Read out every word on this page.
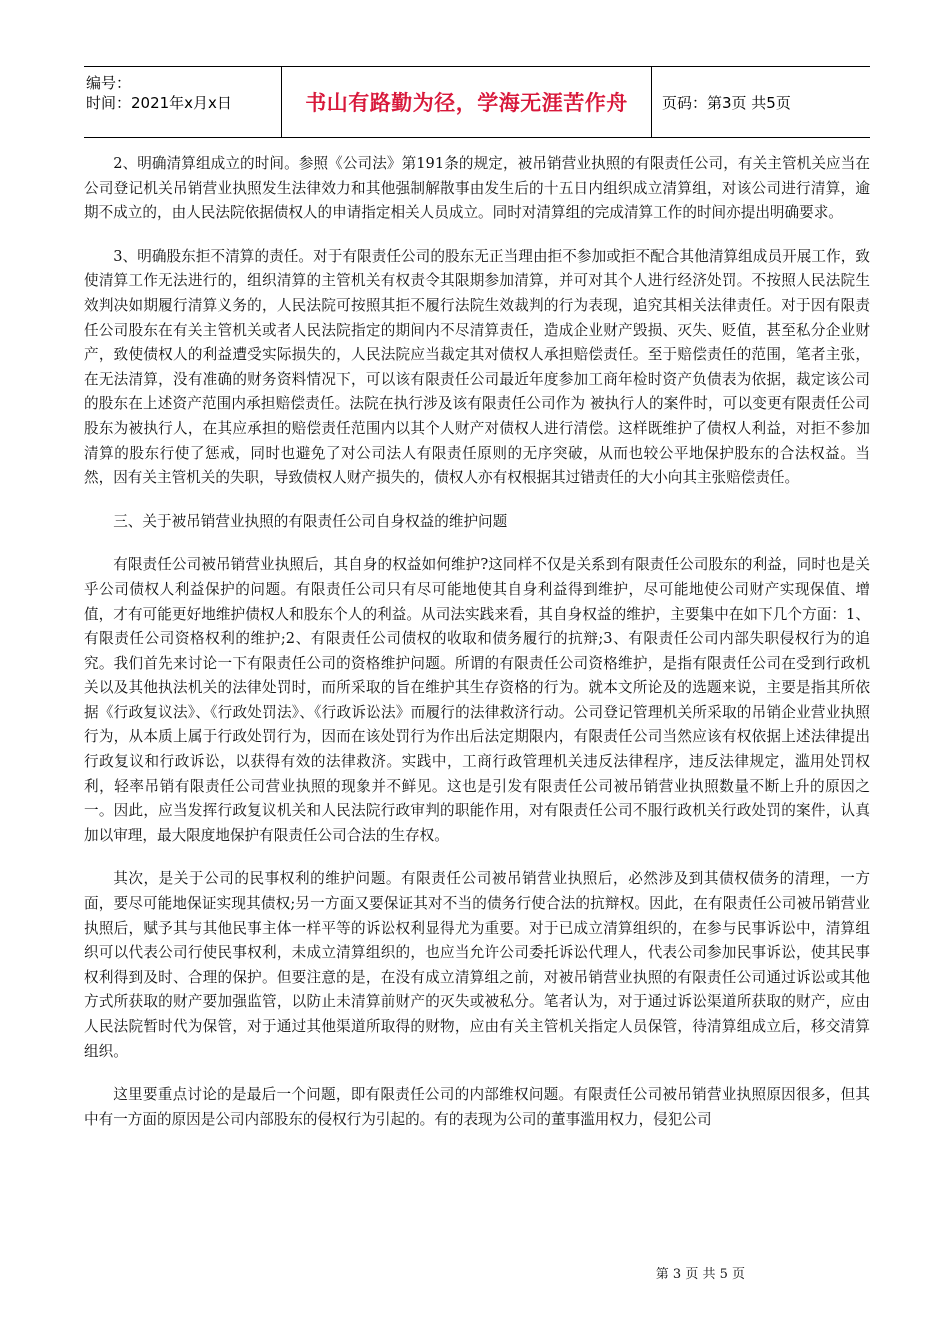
编号：
时间：2021年x月x日	书山有路勤为径，学海无涯苦作舟	页码：第3页 共5页

2、明确清算组成立的时间。参照《公司法》第191条的规定，被吊销营业执照的有限责任公司，有关主管机关应当在公司登记机关吊销营业执照发生法律效力和其他强制解散事由发生后的十五日内组织成立清算组，对该公司进行清算，逾期不成立的，由人民法院依据债权人的申请指定相关人员成立。同时对清算组的完成清算工作的时间亦提出明确要求。

3、明确股东拒不清算的责任。对于有限责任公司的股东无正当理由拒不参加或拒不配合其他清算组成员开展工作，致使清算工作无法进行的，组织清算的主管机关有权责令其限期参加清算，并可对其个人进行经济处罚。不按照人民法院生效判决如期履行清算义务的，人民法院可按照其拒不履行法院生效裁判的行为表现，追究其相关法律责任。对于因有限责任公司股东在有关主管机关或者人民法院指定的期间内不尽清算责任，造成企业财产毁损、灭失、贬值，甚至私分企业财产，致使债权人的利益遭受实际损失的，人民法院应当裁定其对债权人承担赔偿责任。至于赔偿责任的范围，笔者主张，在无法清算，没有准确的财务资料情况下，可以该有限责任公司最近年度参加工商年检时资产负债表为依据，裁定该公司的股东在上述资产范围内承担赔偿责任。法院在执行涉及该有限责任公司作为 被执行人的案件时，可以变更有限责任公司股东为被执行人，在其应承担的赔偿责任范围内以其个人财产对债权人进行清偿。这样既维护了债权人利益，对拒不参加清算的股东行使了惩戒，同时也避免了对公司法人有限责任原则的无序突破，从而也较公平地保护股东的合法权益。当然，因有关主管机关的失职，导致债权人财产损失的，债权人亦有权根据其过错责任的大小向其主张赔偿责任。

三、关于被吊销营业执照的有限责任公司自身权益的维护问题

有限责任公司被吊销营业执照后，其自身的权益如何维护?这同样不仅是关系到有限责任公司股东的利益，同时也是关乎公司债权人利益保护的问题。有限责任公司只有尽可能地使其自身利益得到维护，尽可能地使公司财产实现保值、增值，才有可能更好地维护债权人和股东个人的利益。从司法实践来看，其自身权益的维护，主要集中在如下几个方面：1、有限责任公司资格权利的维护;2、有限责任公司债权的收取和债务履行的抗辩;3、有限责任公司内部失职侵权行为的追究。我们首先来讨论一下有限责任公司的资格维护问题。所谓的有限责任公司资格维护，是指有限责任公司在受到行政机关以及其他执法机关的法律处罚时，而所采取的旨在维护其生存资格的行为。就本文所论及的选题来说，主要是指其所依据《行政复议法》、《行政处罚法》、《行政诉讼法》而履行的法律救济行动。公司登记管理机关所采取的吊销企业营业执照行为，从本质上属于行政处罚行为，因而在该处罚行为作出后法定期限内，有限责任公司当然应该有权依据上述法律提出行政复议和行政诉讼，以获得有效的法律救济。实践中，工商行政管理机关违反法律程序，违反法律规定，滥用处罚权利，轻率吊销有限责任公司营业执照的现象并不鲜见。这也是引发有限责任公司被吊销营业执照数量不断上升的原因之一。因此，应当发挥行政复议机关和人民法院行政审判的职能作用，对有限责任公司不服行政机关行政处罚的案件，认真加以审理，最大限度地保护有限责任公司合法的生存权。

其次，是关于公司的民事权利的维护问题。有限责任公司被吊销营业执照后，必然涉及到其债权债务的清理，一方面，要尽可能地保证实现其债权;另一方面又要保证其对不当的债务行使合法的抗辩权。因此，在有限责任公司被吊销营业执照后，赋予其与其他民事主体一样平等的诉讼权利显得尤为重要。对于已成立清算组织的，在参与民事诉讼中，清算组织可以代表公司行使民事权利，未成立清算组织的，也应当允许公司委托诉讼代理人，代表公司参加民事诉讼，使其民事权利得到及时、合理的保护。但要注意的是，在没有成立清算组之前，对被吊销营业执照的有限责任公司通过诉讼或其他方式所获取的财产要加强监管，以防止未清算前财产的灭失或被私分。笔者认为，对于通过诉讼渠道所获取的财产，应由人民法院暂时代为保管，对于通过其他渠道所取得的财物，应由有关主管机关指定人员保管，待清算组成立后，移交清算组织。

这里要重点讨论的是最后一个问题，即有限责任公司的内部维权问题。有限责任公司被吊销营业执照原因很多，但其中有一方面的原因是公司内部股东的侵权行为引起的。有的表现为公司的董事滥用权力，侵犯公司

第 3 页 共 5 页
